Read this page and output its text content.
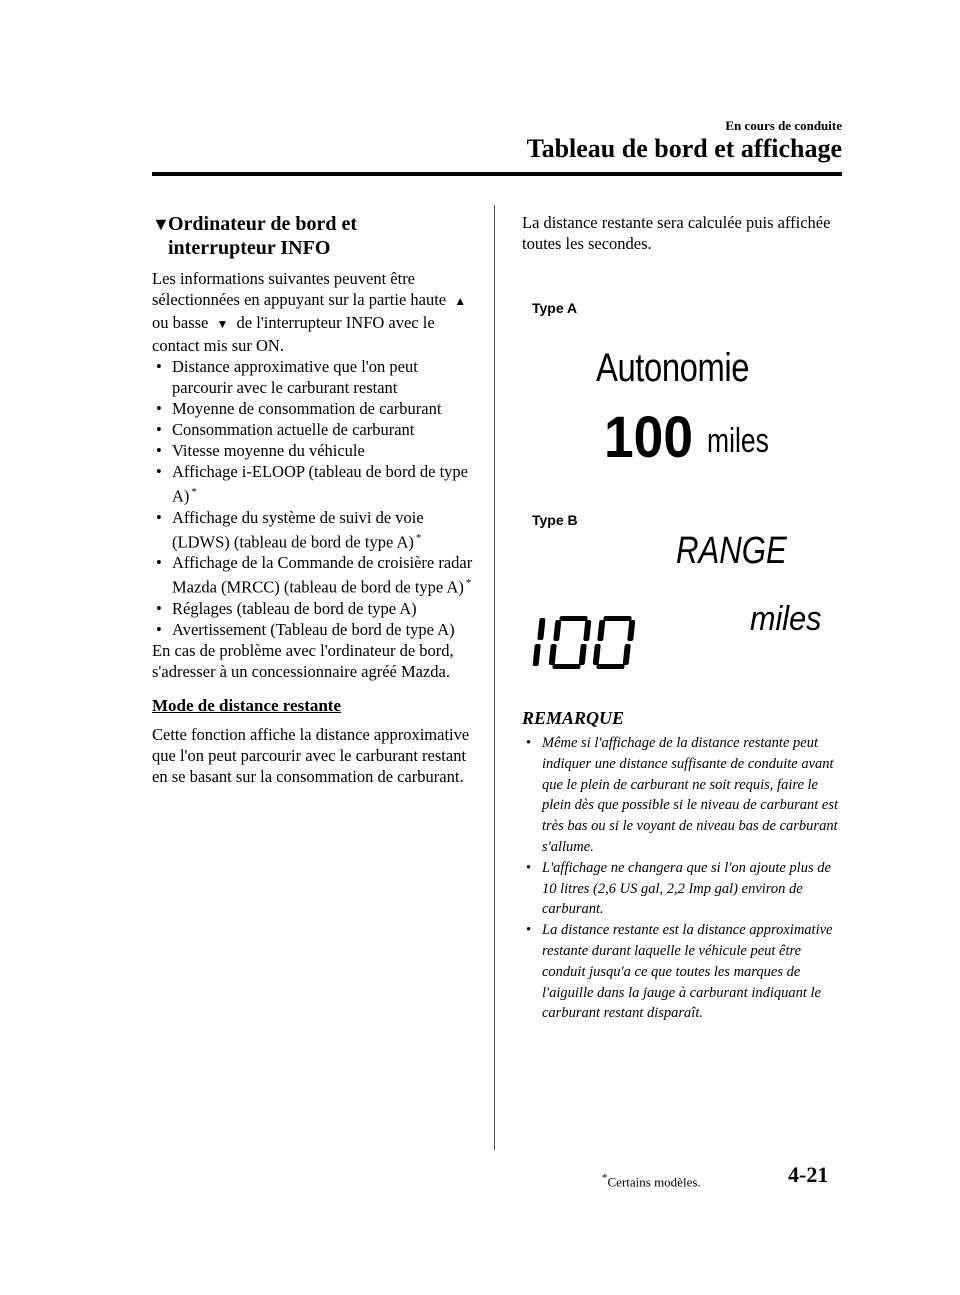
En cours de conduite
Tableau de bord et affichage
▼
Ordinateur de bord et
interrupteur INFO

Les informations suivantes peuvent être sélectionnées en appuyant sur la partie haute ▲ ou basse ▼ de l'interrupteur INFO avec le contact mis sur ON.

• Distance approximative que l'on peut parcourir avec le carburant restant
• Moyenne de consommation de carburant
• Consommation actuelle de carburant
• Vitesse moyenne du véhicule
• Affichage i-ELOOP (tableau de bord de type A) *
• Affichage du système de suivi de voie (LDWS) (tableau de bord de type A) *
• Affichage de la Commande de croisière radar Mazda (MRCC) (tableau de bord de type A) *
• Réglages (tableau de bord de type A)
• Avertissement (Tableau de bord de type A)

En cas de problème avec l'ordinateur de bord, s'adresser à un concessionnaire agréé Mazda.

Mode de distance restante

Cette fonction affiche la distance approximative que l'on peut parcourir avec le carburant restant en se basant sur la consommation de carburant.

La distance restante sera calculée puis affichée toutes les secondes.

Type A
Autonomie
100 miles
Type B
RANGE
miles
REMARQUE
• Même si l'affichage de la distance restante peut indiquer une distance suffisante de conduite avant que le plein de carburant ne soit requis, faire le plein dès que possible si le niveau de carburant est très bas ou si le voyant de niveau bas de carburant s'allume.
• L'affichage ne changera que si l'on ajoute plus de 10 litres (2,6 US gal, 2,2 Imp gal) environ de carburant.
• La distance restante est la distance approximative restante durant laquelle le véhicule peut être conduit jusqu'a ce que toutes les marques de l'aiguille dans la jauge à carburant indiquant le carburant restant disparaît.
*Certains modèles.	4-21
